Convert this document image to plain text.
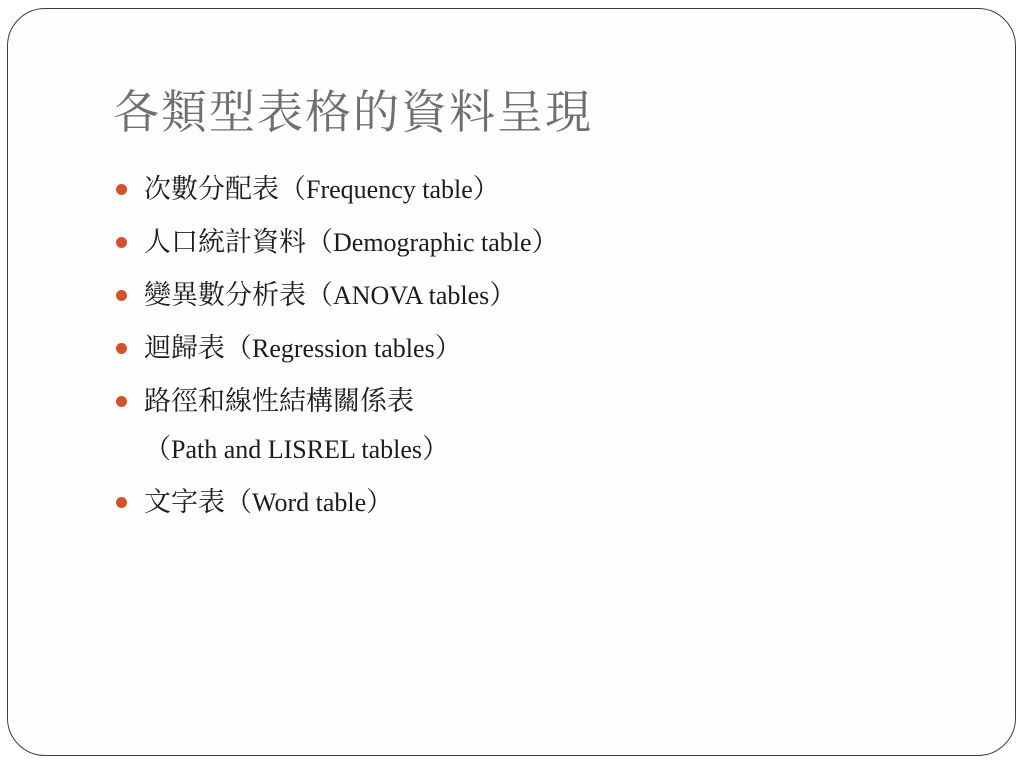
各類型表格的資料呈現
次數分配表（Frequency table）
人口統計資料（Demographic table）
變異數分析表（ANOVA tables）
迴歸表（Regression tables）
路徑和線性結構關係表
（Path and LISREL tables）
文字表（Word table）
